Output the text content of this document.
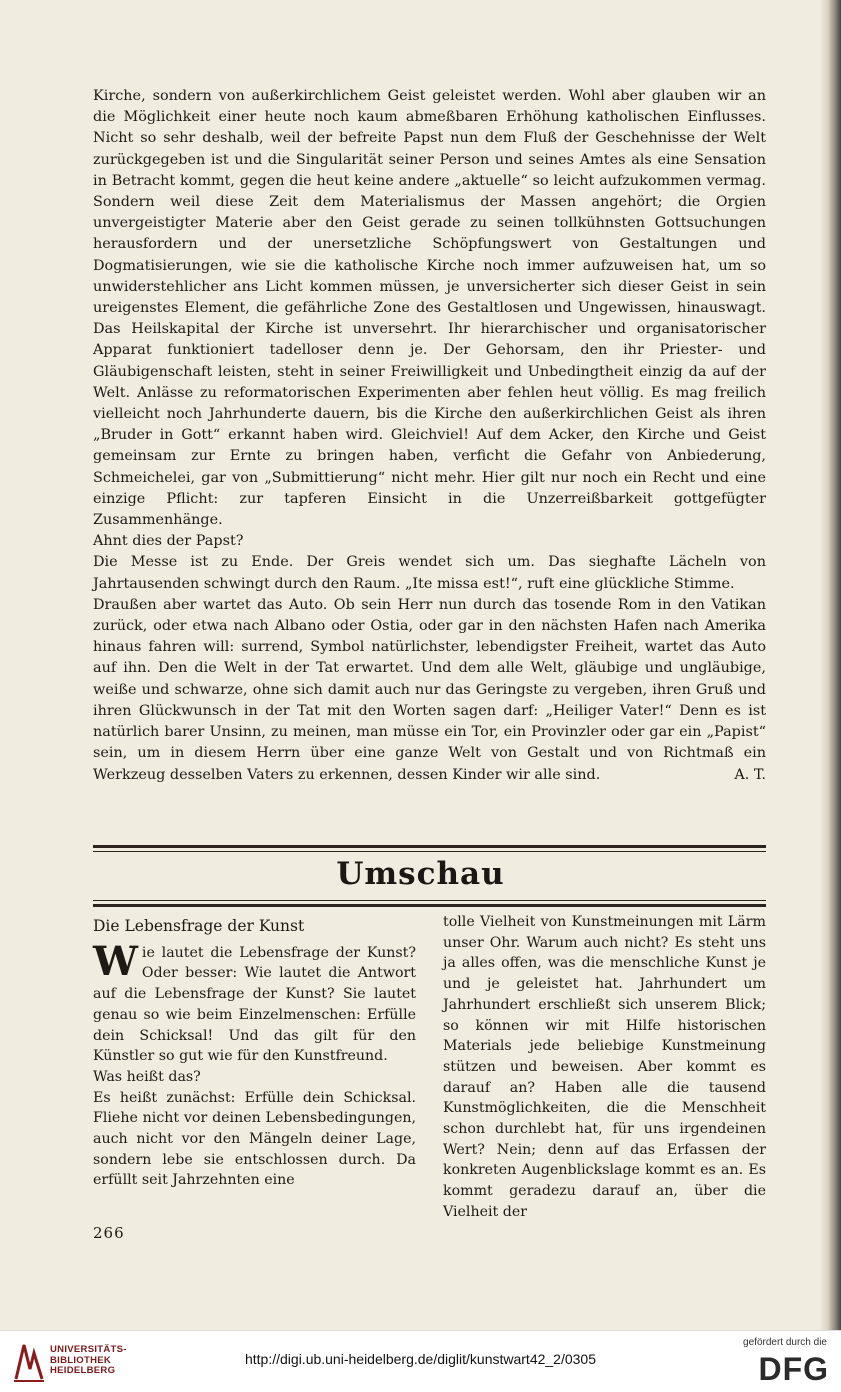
Kirche, sondern von außerkirchlichem Geist geleistet werden. Wohl aber glauben wir an die Möglichkeit einer heute noch kaum abmeßbaren Erhöhung katholischen Einflusses. Nicht so sehr deshalb, weil der befreite Papst nun dem Fluß der Geschehnisse der Welt zurückgegeben ist und die Singularität seiner Person und seines Amtes als eine Sensation in Betracht kommt, gegen die heut keine andere „aktuelle“ so leicht aufzukommen vermag. Sondern weil diese Zeit dem Materialismus der Massen angehört; die Orgien unvergeistigter Materie aber den Geist gerade zu seinen tollkühnsten Gottsuchungen herausfordern und der unersetzliche Schöpfungswert von Gestaltungen und Dogmatisierungen, wie sie die katholische Kirche noch immer aufzuweisen hat, um so unwiderstehlicher ans Licht kommen müssen, je unversicherter sich dieser Geist in sein ureigenstes Element, die gefährliche Zone des Gestaltlosen und Ungewissen, hinauswagt. Das Heilskapital der Kirche ist unversehrt. Ihr hierarchischer und organisatorischer Apparat funktioniert tadelloser denn je. Der Gehorsam, den ihr Priester- und Gläubigenschaft leisten, steht in seiner Freiwilligkeit und Unbedingtheit einzig da auf der Welt. Anlässe zu reformatorischen Experimenten aber fehlen heut völlig. Es mag freilich vielleicht noch Jahrhunderte dauern, bis die Kirche den außerkirchlichen Geist als ihren „Bruder in Gott“ erkannt haben wird. Gleichviel! Auf dem Acker, den Kirche und Geist gemeinsam zur Ernte zu bringen haben, verficht die Gefahr von Anbiederung, Schmeichelei, gar von „Submittierung“ nicht mehr. Hier gilt nur noch ein Recht und eine einzige Pflicht: zur tapferen Einsicht in die Unzerreißbarkeit gottgefügter Zusammenhänge.

Ahnt dies der Papst?

Die Messe ist zu Ende. Der Greis wendet sich um. Das sieghafte Lächeln von Jahrtausenden schwingt durch den Raum. „Ite missa est!“, ruft eine glückliche Stimme.

Draußen aber wartet das Auto. Ob sein Herr nun durch das tosende Rom in den Vatikan zurück, oder etwa nach Albano oder Ostia, oder gar in den nächsten Hafen nach Amerika hinaus fahren will: surrend, Symbol natürlichster, lebendigster Freiheit, wartet das Auto auf ihn. Den die Welt in der Tat erwartet. Und dem alle Welt, gläubige und ungläubige, weiße und schwarze, ohne sich damit auch nur das Geringste zu vergeben, ihren Gruß und ihren Glückwunsch in der Tat mit den Worten sagen darf: „Heiliger Vater!“ Denn es ist natürlich barer Unsinn, zu meinen, man müsse ein Tor, ein Provinzler oder gar ein „Papist“ sein, um in diesem Herrn über eine ganze Welt von Gestalt und von Richtmaß ein Werkzeug desselben Vaters zu erkennen, dessen Kinder wir alle sind.	A. T.

Umschau

Die Lebensfrage der Kunst

Wie lautet die Lebensfrage der Kunst? Oder besser: Wie lautet die Antwort auf die Lebensfrage der Kunst? Sie lautet genau so wie beim Einzelmenschen: Erfülle dein Schicksal! Und das gilt für den Künstler so gut wie für den Kunstfreund.

Was heißt das?

Es heißt zunächst: Erfülle dein Schicksal. Fliehe nicht vor deinen Lebensbedingungen, auch nicht vor den Mängeln deiner Lage, sondern lebe sie entschlossen durch. Da erfüllt seit Jahrzehnten eine

tolle Vielheit von Kunstmeinungen mit Lärm unser Ohr. Warum auch nicht? Es steht uns ja alles offen, was die menschliche Kunst je und je geleistet hat. Jahrhundert um Jahrhundert erschließt sich unserem Blick; so können wir mit Hilfe historischen Materials jede beliebige Kunstmeinung stützen und beweisen. Aber kommt es darauf an? Haben alle die tausend Kunstmöglichkeiten, die die Menschheit schon durchlebt hat, für uns irgendeinen Wert? Nein; denn auf das Erfassen der konkreten Augenblickslage kommt es an. Es kommt geradezu darauf an, über die Vielheit der

266
UNIVERSITÄTS-
BIBLIOTHEK
HEIDELBERG
http://digi.ub.uni-heidelberg.de/diglit/kunstwart42_2/0305
gefördert durch die
DFG
